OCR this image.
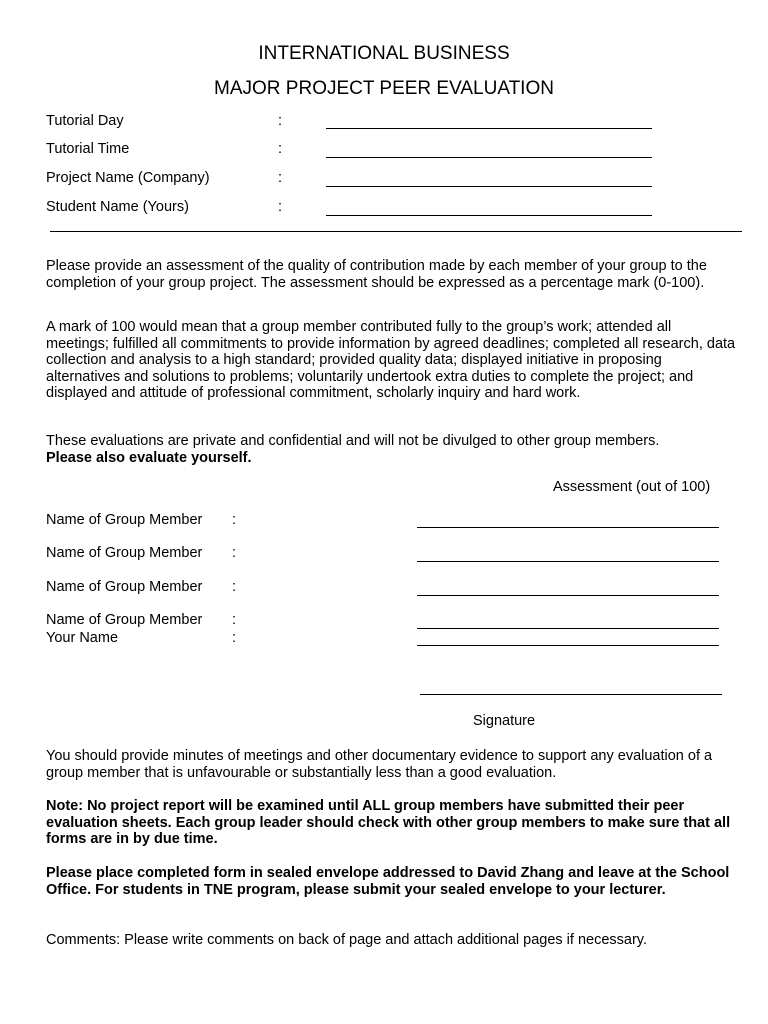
INTERNATIONAL BUSINESS
MAJOR PROJECT PEER EVALUATION
Tutorial Day	:
Tutorial Time	:
Project Name (Company)	:
Student Name (Yours)	:
Please provide an assessment of the quality of contribution made by each member of your group to the completion of your group project. The assessment should be expressed as a percentage mark (0-100).
A mark of 100 would mean that a group member contributed fully to the group’s work; attended all meetings; fulfilled all commitments to provide information by agreed deadlines; completed all research, data collection and analysis to a high standard; provided quality data; displayed initiative in proposing alternatives and solutions to problems; voluntarily undertook extra duties to complete the project; and displayed and attitude of professional commitment, scholarly inquiry and hard work.
These evaluations are private and confidential and will not be divulged to other group members.
Please also evaluate yourself.
Assessment (out of 100)
Name of Group Member :
Name of Group Member :
Name of Group Member :
Name of Group Member :
Your Name	:
Signature
You should provide minutes of meetings and other documentary evidence to support any evaluation of a group member that is unfavourable or substantially less than a good evaluation.
Note: No project report will be examined until ALL group members have submitted their peer evaluation sheets. Each group leader should check with other group members to make sure that all forms are in by due time.
Please place completed form in sealed envelope addressed to David Zhang and leave at the School Office. For students in TNE program, please submit your sealed envelope to your lecturer.
Comments: Please write comments on back of page and attach additional pages if necessary.
